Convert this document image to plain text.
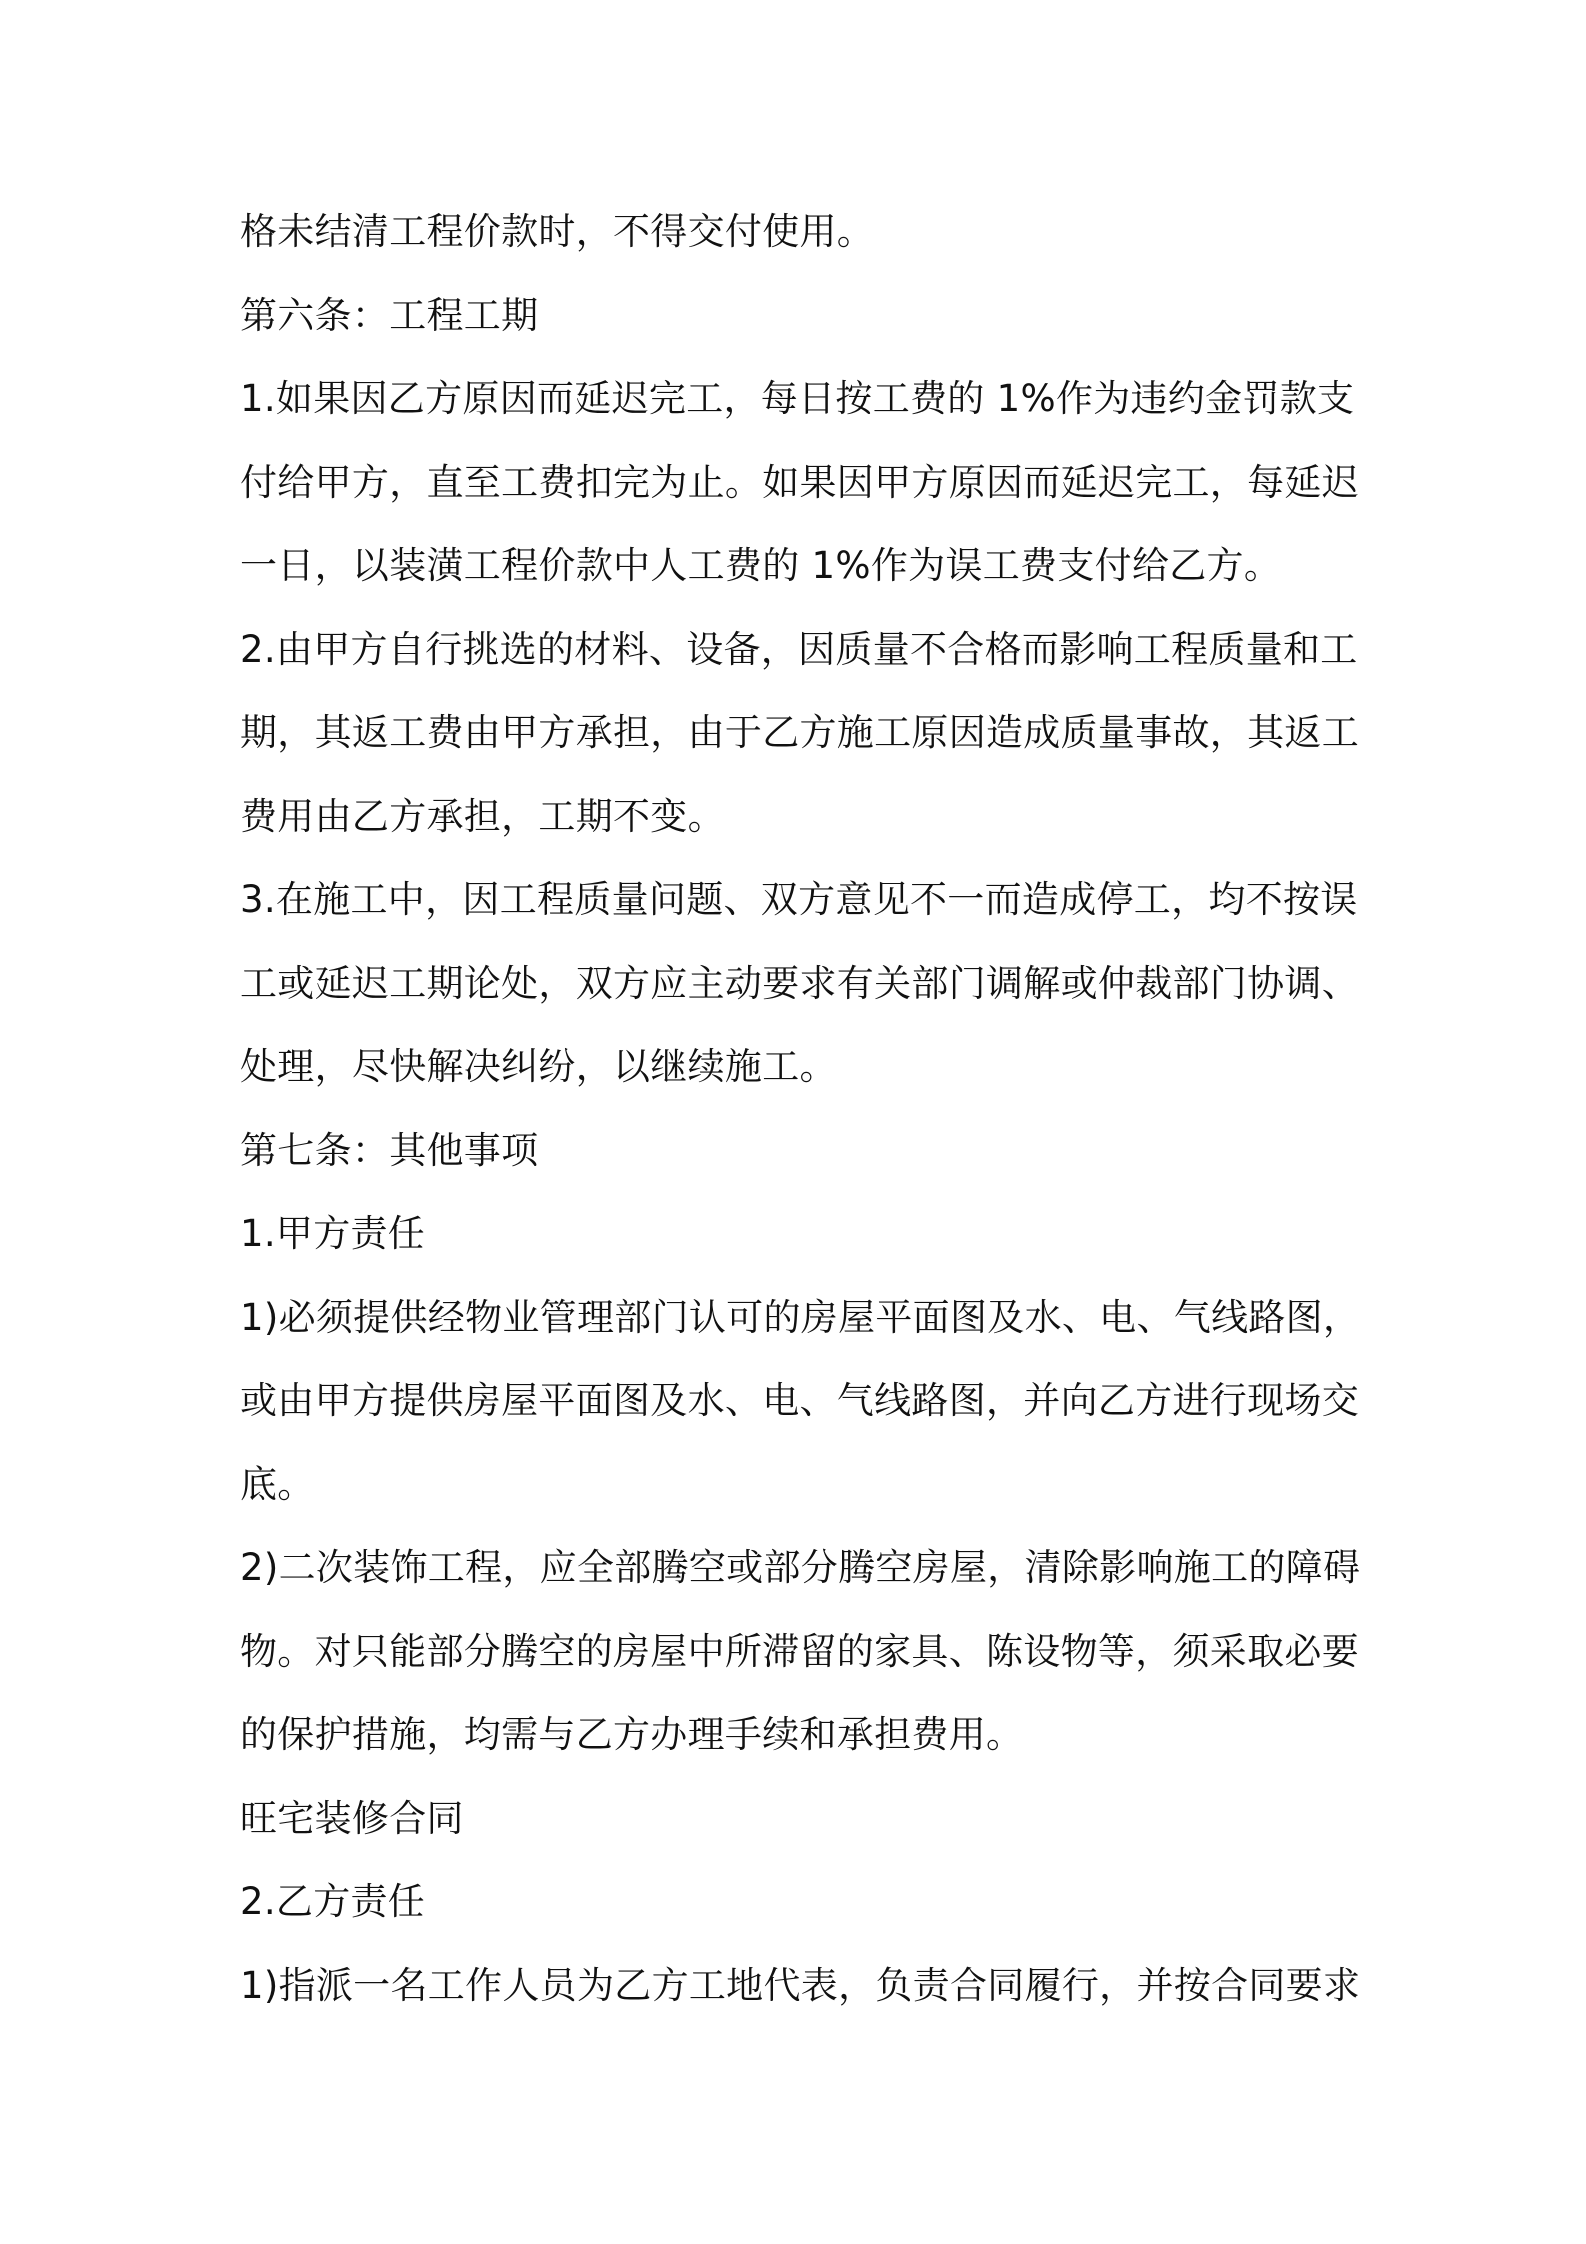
格未结清工程价款时，不得交付使用。
第六条：工程工期
1.如果因乙方原因而延迟完工，每日按工费的 1%作为违约金罚款支
付给甲方，直至工费扣完为止。如果因甲方原因而延迟完工，每延迟
一日，以装潢工程价款中人工费的 1%作为误工费支付给乙方。
2.由甲方自行挑选的材料、设备，因质量不合格而影响工程质量和工
期，其返工费由甲方承担，由于乙方施工原因造成质量事故，其返工
费用由乙方承担，工期不变。
3.在施工中，因工程质量问题、双方意见不一而造成停工，均不按误
工或延迟工期论处，双方应主动要求有关部门调解或仲裁部门协调、
处理，尽快解决纠纷，以继续施工。
第七条：其他事项
1.甲方责任
1)必须提供经物业管理部门认可的房屋平面图及水、电、气线路图，
或由甲方提供房屋平面图及水、电、气线路图，并向乙方进行现场交
底。
2)二次装饰工程，应全部腾空或部分腾空房屋，清除影响施工的障碍
物。对只能部分腾空的房屋中所滞留的家具、陈设物等，须采取必要
的保护措施，均需与乙方办理手续和承担费用。
旺宅装修合同
2.乙方责任
1)指派一名工作人员为乙方工地代表，负责合同履行，并按合同要求
